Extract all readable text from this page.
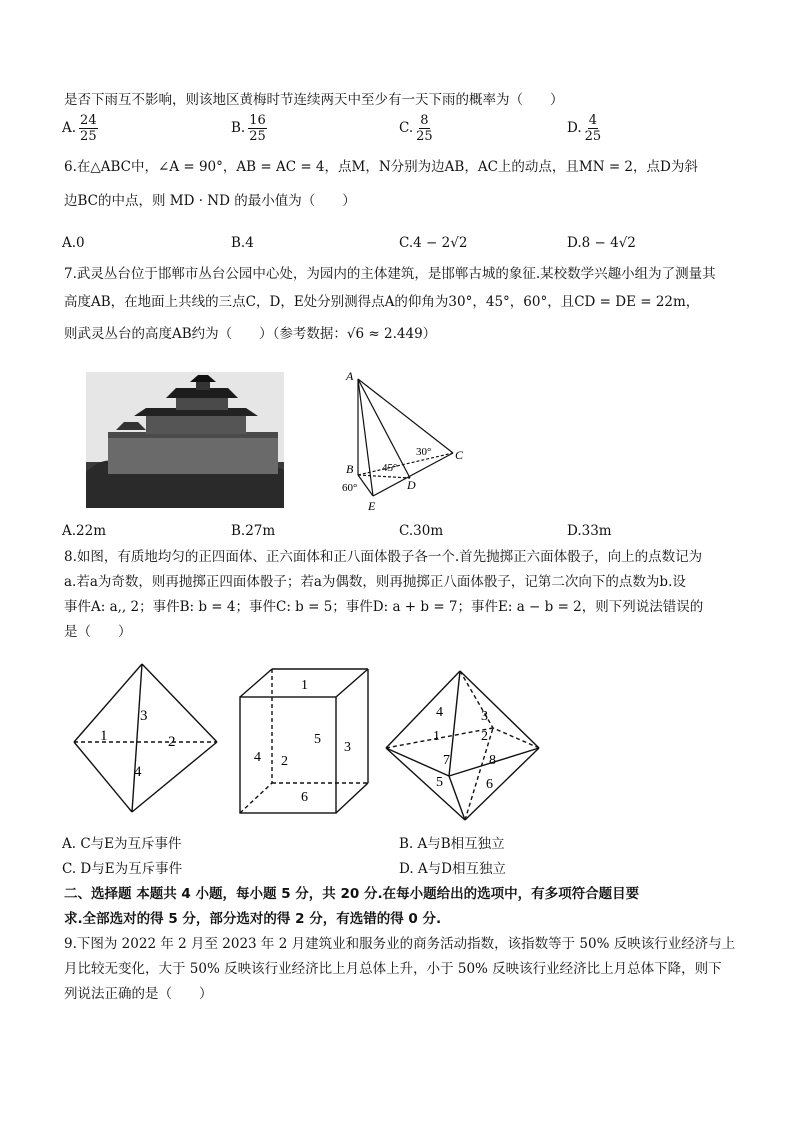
是否下雨互不影响，则该地区黄梅时节连续两天中至少有一天下雨的概率为（　　）
A. $\frac{24}{25}$	B. $\frac{16}{25}$	C. $\frac{8}{25}$	D. $\frac{4}{25}$
6.在△ABC中，∠A = 90°，AB = AC = 4，点M，N分别为边AB，AC上的动点，且MN = 2，点D为斜
边BC的中点，则 MD · ND 的最小值为（　　）
A.0	B.4	C.4 − 2√2	D.8 − 4√2
7.武灵丛台位于邯郸市丛台公园中心处，为园内的主体建筑，是邯郸古城的象征.某校数学兴趣小组为了测量其
高度AB，在地面上共线的三点C，D，E处分别测得点A的仰角为30°，45°，60°，且CD = DE = 22m，
则武灵丛台的高度AB约为（　　）（参考数据：√6 ≈ 2.449）
A
B
C
D
E
30°
45°
60°
A.22m	B.27m	C.30m	D.33m
8.如图，有质地均匀的正四面体、正六面体和正八面体骰子各一个.首先抛掷正六面体骰子，向上的点数记为
a.若a为奇数，则再抛掷正四面体骰子；若a为偶数，则再抛掷正八面体骰子，记第二次向下的点数为b.设
事件A: a,, 2；事件B: b = 4；事件C: b = 5；事件D: a + b = 7；事件E: a − b = 2，则下列说法错误的
是（　　）
1	2
3
4
1
2
3
4
5
6
1	2
3
4
5	6
7	8
A. C与E为互斥事件	B. A与B相互独立
C. D与E为互斥事件	D. A与D相互独立
二、选择题 本题共 4 小题，每小题 5 分，共 20 分.在每小题给出的选项中，有多项符合题目要
求.全部选对的得 5 分，部分选对的得 2 分，有选错的得 0 分.
9.下图为 2022 年 2 月至 2023 年 2 月建筑业和服务业的商务活动指数，该指数等于 50% 反映该行业经济与上
月比较无变化，大于 50% 反映该行业经济比上月总体上升，小于 50% 反映该行业经济比上月总体下降，则下
列说法正确的是（　　）
